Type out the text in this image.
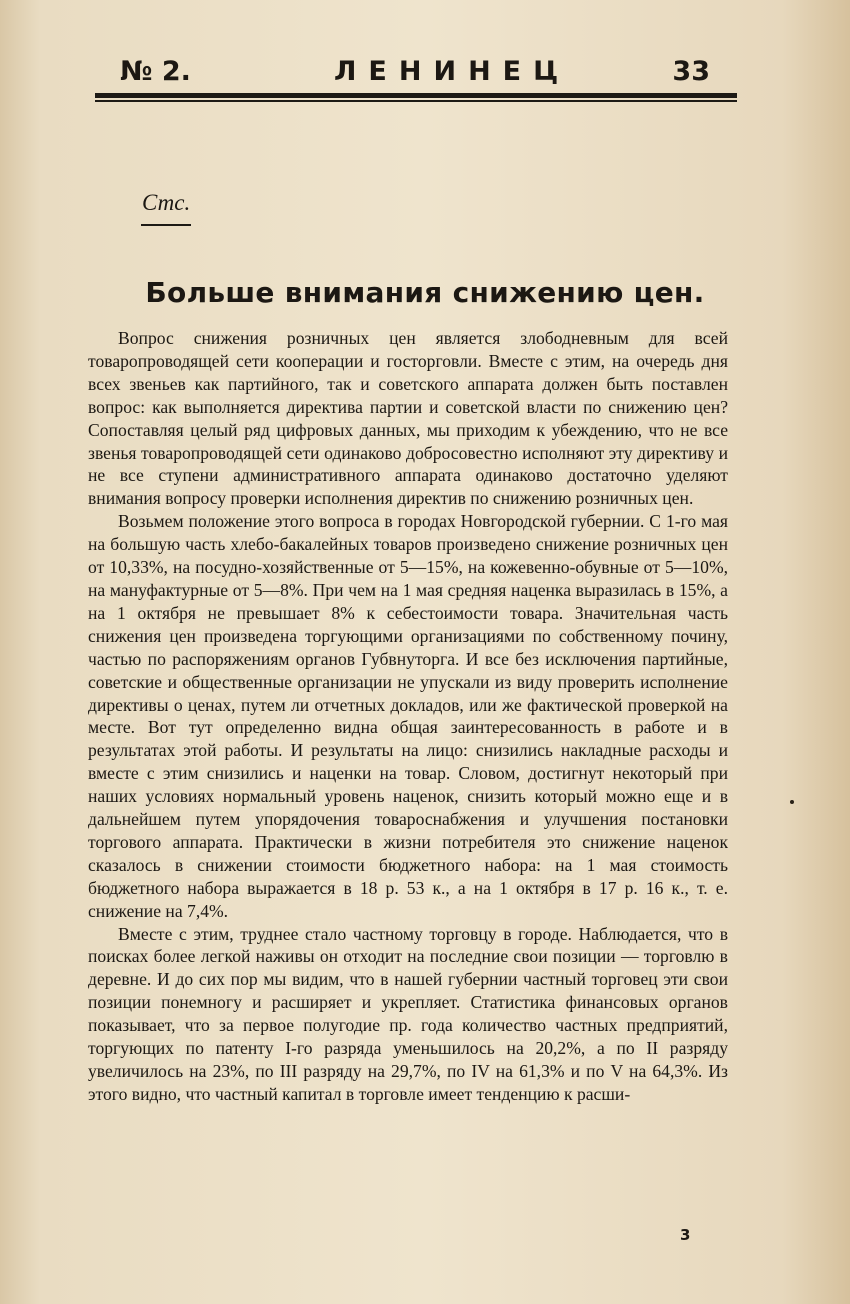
№ 2.	ЛЕНИНЕЦ	33
Стс.
Больше внимания снижению цен.

Вопрос снижения розничных цен является злободневным для всей товаропроводящей сети кооперации и госторговли. Вместе с этим, на очередь дня всех звеньев как партийного, так и советского аппарата должен быть поставлен вопрос: как выполняется директива партии и советской власти по снижению цен? Сопоставляя целый ряд цифровых данных, мы приходим к убеждению, что не все звенья товаропроводящей сети одинаково добросовестно исполняют эту директиву и не все ступени административного аппарата одинаково достаточно уделяют внимания вопросу проверки исполнения директив по снижению розничных цен.

Возьмем положение этого вопроса в городах Новгородской губернии. С 1-го мая на большую часть хлебо-бакалейных товаров произведено снижение розничных цен от 10,33%, на посудно-хозяйственные от 5—15%, на кожевенно-обувные от 5—10%, на мануфактурные от 5—8%. При чем на 1 мая средняя наценка выразилась в 15%, а на 1 октября не превышает 8% к себестоимости товара. Значительная часть снижения цен произведена торгующими организациями по собственному почину, частью по распоряжениям органов Губвнуторга. И все без исключения партийные, советские и общественные организации не упускали из виду проверить исполнение директивы о ценах, путем ли отчетных докладов, или же фактической проверкой на месте. Вот тут определенно видна общая заинтересованность в работе и в результатах этой работы. И результаты на лицо: снизились накладные расходы и вместе с этим снизились и наценки на товар. Словом, достигнут некоторый при наших условиях нормальный уровень наценок, снизить который можно еще и в дальнейшем путем упорядочения товароснабжения и улучшения постановки торгового аппарата. Практически в жизни потребителя это снижение наценок сказалось в снижении стоимости бюджетного набора: на 1 мая стоимость бюджетного набора выражается в 18 р. 53 к., а на 1 октября в 17 р. 16 к., т. е. снижение на 7,4%.

Вместе с этим, труднее стало частному торговцу в городе. Наблюдается, что в поисках более легкой наживы он отходит на последние свои позиции — торговлю в деревне. И до сих пор мы видим, что в нашей губернии частный торговец эти свои позиции понемногу и расширяет и укрепляет. Статистика финансовых органов показывает, что за первое полугодие пр. года количество частных предприятий, торгующих по патенту I-го разряда уменьшилось на 20,2%, а по II разряду увеличилось на 23%, по III разряду на 29,7%, по IV на 61,3% и по V на 64,3%. Из этого видно, что частный капитал в торговле имеет тенденцию к расши-

3
